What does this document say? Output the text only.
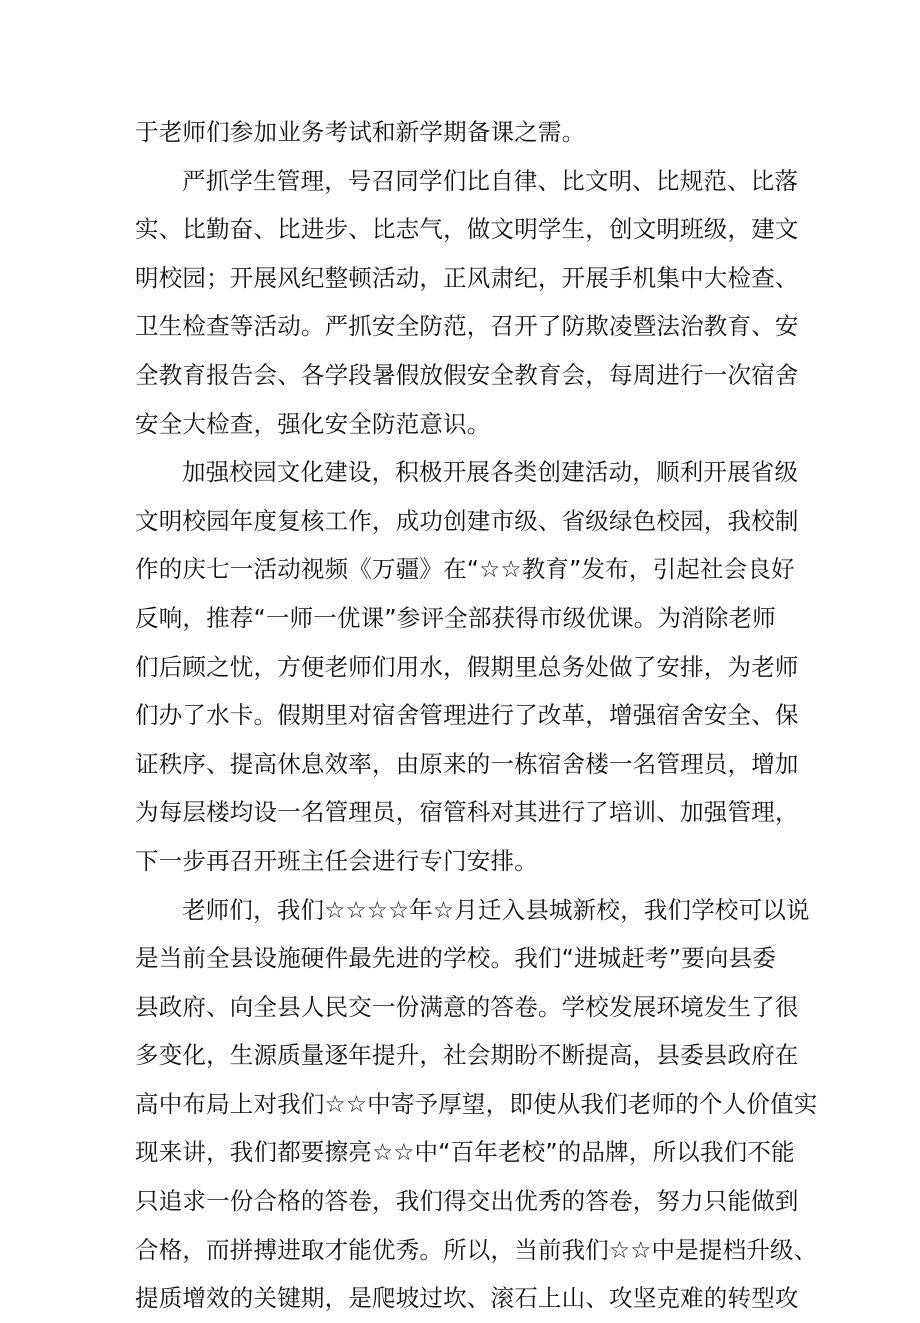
于老师们参加业务考试和新学期备课之需。

严抓学生管理，号召同学们比自律、比文明、比规范、比落
实、比勤奋、比进步、比志气，做文明学生，创文明班级，建文
明校园；开展风纪整顿活动，正风肃纪，开展手机集中大检查、
卫生检查等活动。严抓安全防范，召开了防欺凌暨法治教育、安
全教育报告会、各学段暑假放假安全教育会，每周进行一次宿舍
安全大检查，强化安全防范意识。

加强校园文化建设，积极开展各类创建活动，顺利开展省级
文明校园年度复核工作，成功创建市级、省级绿色校园，我校制
作的庆七一活动视频《万疆》在“☆☆教育”发布，引起社会良好
反响，推荐“一师一优课”参评全部获得市级优课。为消除老师
们后顾之忧，方便老师们用水，假期里总务处做了安排，为老师
们办了水卡。假期里对宿舍管理进行了改革，增强宿舍安全、保
证秩序、提高休息效率，由原来的一栋宿舍楼一名管理员，增加
为每层楼均设一名管理员，宿管科对其进行了培训、加强管理，
下一步再召开班主任会进行专门安排。

老师们，我们☆☆☆☆年☆月迁入县城新校，我们学校可以说
是当前全县设施硬件最先进的学校。我们“进城赶考”要向县委
县政府、向全县人民交一份满意的答卷。学校发展环境发生了很
多变化，生源质量逐年提升，社会期盼不断提高，县委县政府在
高中布局上对我们☆☆中寄予厚望，即使从我们老师的个人价值实
现来讲，我们都要擦亮☆☆中“百年老校”的品牌，所以我们不能
只追求一份合格的答卷，我们得交出优秀的答卷，努力只能做到
合格，而拼搏进取才能优秀。所以，当前我们☆☆中是提档升级、
提质增效的关键期，是爬坡过坎、滚石上山、攻坚克难的转型攻
